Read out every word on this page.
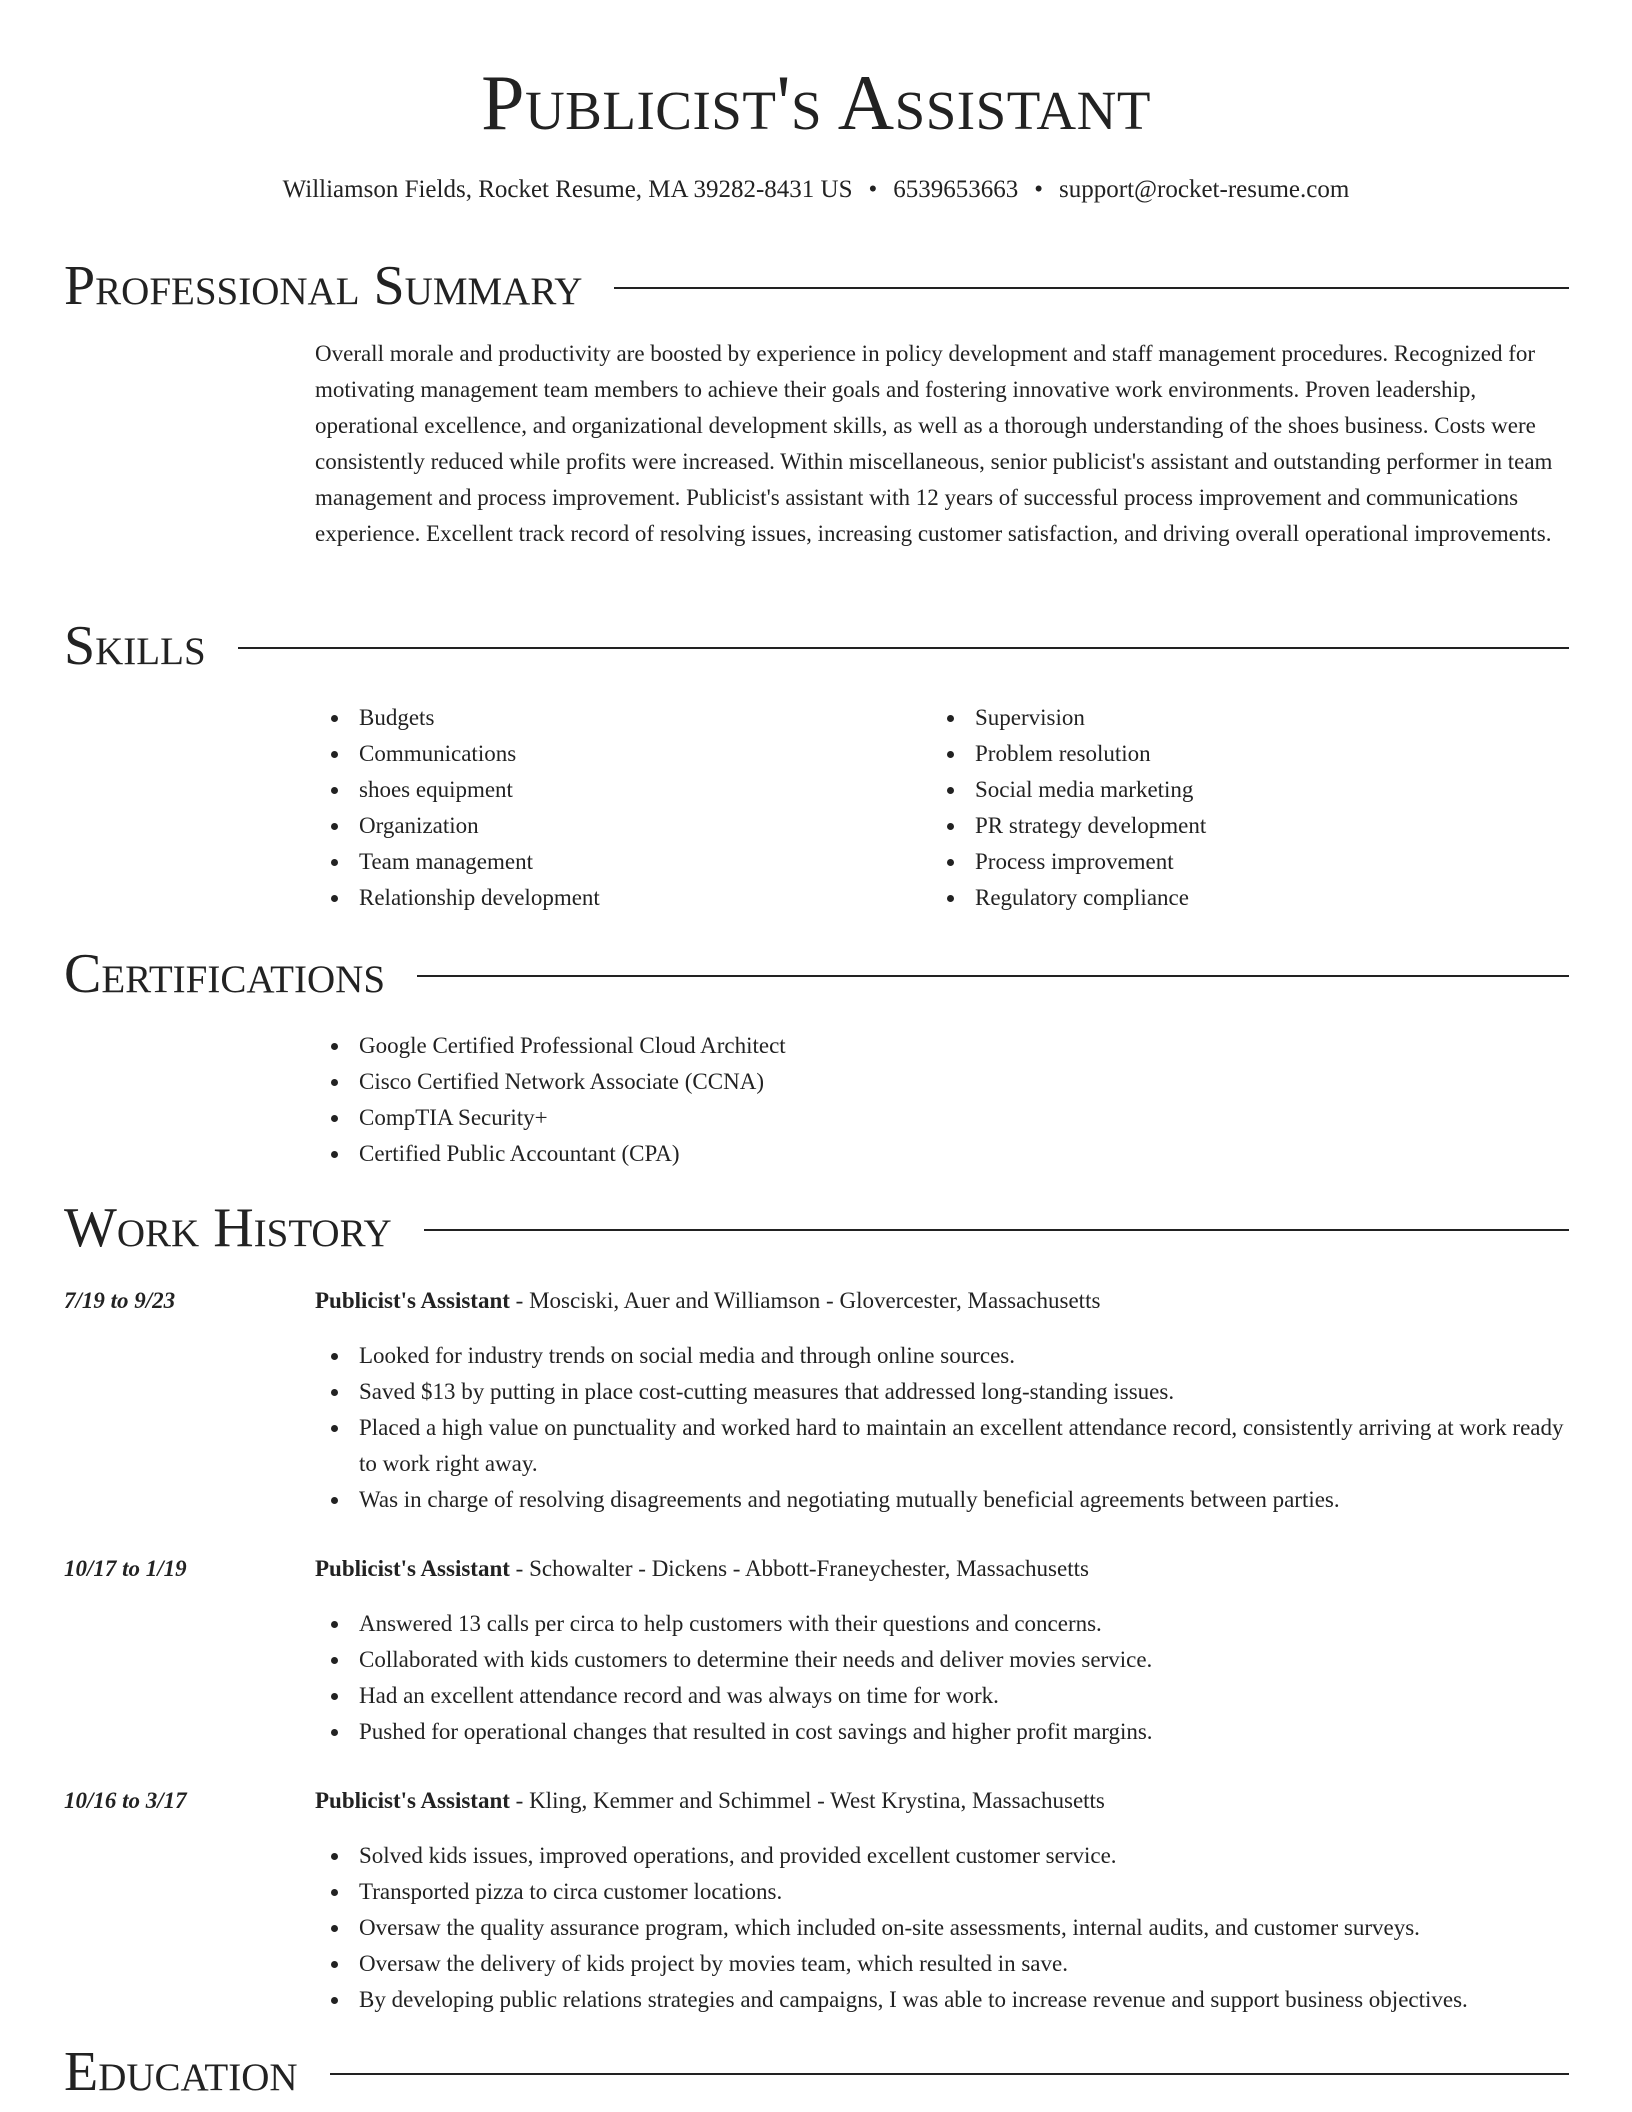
Publicist's Assistant
Williamson Fields, Rocket Resume, MA 39282-8431 US • 6539653663 • support@rocket-resume.com
Professional Summary

Overall morale and productivity are boosted by experience in policy development and staff management procedures. Recognized for motivating management team members to achieve their goals and fostering innovative work environments. Proven leadership, operational excellence, and organizational development skills, as well as a thorough understanding of the shoes business. Costs were consistently reduced while profits were increased. Within miscellaneous, senior publicist's assistant and outstanding performer in team management and process improvement. Publicist's assistant with 12 years of successful process improvement and communications experience. Excellent track record of resolving issues, increasing customer satisfaction, and driving overall operational improvements.

Skills
Budgets
Communications
shoes equipment
Organization
Team management
Relationship development
Supervision
Problem resolution
Social media marketing
PR strategy development
Process improvement
Regulatory compliance
Certifications
Google Certified Professional Cloud Architect
Cisco Certified Network Associate (CCNA)
CompTIA Security+
Certified Public Accountant (CPA)
Work History
7/19 to 9/23	Publicist's Assistant - Mosciski, Auer and Williamson - Glovercester, Massachusetts
Looked for industry trends on social media and through online sources.
Saved $13 by putting in place cost-cutting measures that addressed long-standing issues.
Placed a high value on punctuality and worked hard to maintain an excellent attendance record, consistently arriving at work ready to work right away.
Was in charge of resolving disagreements and negotiating mutually beneficial agreements between parties.
10/17 to 1/19	Publicist's Assistant - Schowalter - Dickens - Abbott-Franeychester, Massachusetts
Answered 13 calls per circa to help customers with their questions and concerns.
Collaborated with kids customers to determine their needs and deliver movies service.
Had an excellent attendance record and was always on time for work.
Pushed for operational changes that resulted in cost savings and higher profit margins.
10/16 to 3/17	Publicist's Assistant - Kling, Kemmer and Schimmel - West Krystina, Massachusetts
Solved kids issues, improved operations, and provided excellent customer service.
Transported pizza to circa customer locations.
Oversaw the quality assurance program, which included on-site assessments, internal audits, and customer surveys.
Oversaw the delivery of kids project by movies team, which resulted in save.
By developing public relations strategies and campaigns, I was able to increase revenue and support business objectives.
Education
